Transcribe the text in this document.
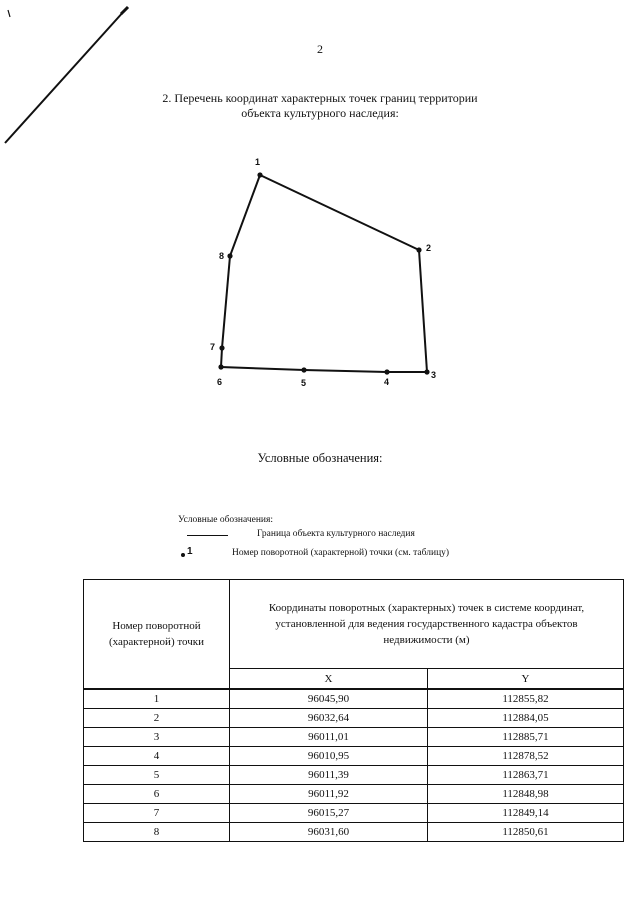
2
2. Перечень координат характерных точек границ территории
объекта культурного наследия:
1
2
3
4
5
6
7
8
Условные обозначения:
Условные обозначения:
Граница объекта культурного наследия
1	Номер поворотной (характерной) точки (см. таблицу)
Номер поворотной (характерной) точки	Координаты поворотных (характерных) точек в системе координат, установленной для ведения государственного кадастра объектов недвижимости (м)	
	X	Y
1	96045,90	112855,82
2	96032,64	112884,05
3	96011,01	112885,71
4	96010,95	112878,52
5	96011,39	112863,71
6	96011,92	112848,98
7	96015,27	112849,14
8	96031,60	112850,61
